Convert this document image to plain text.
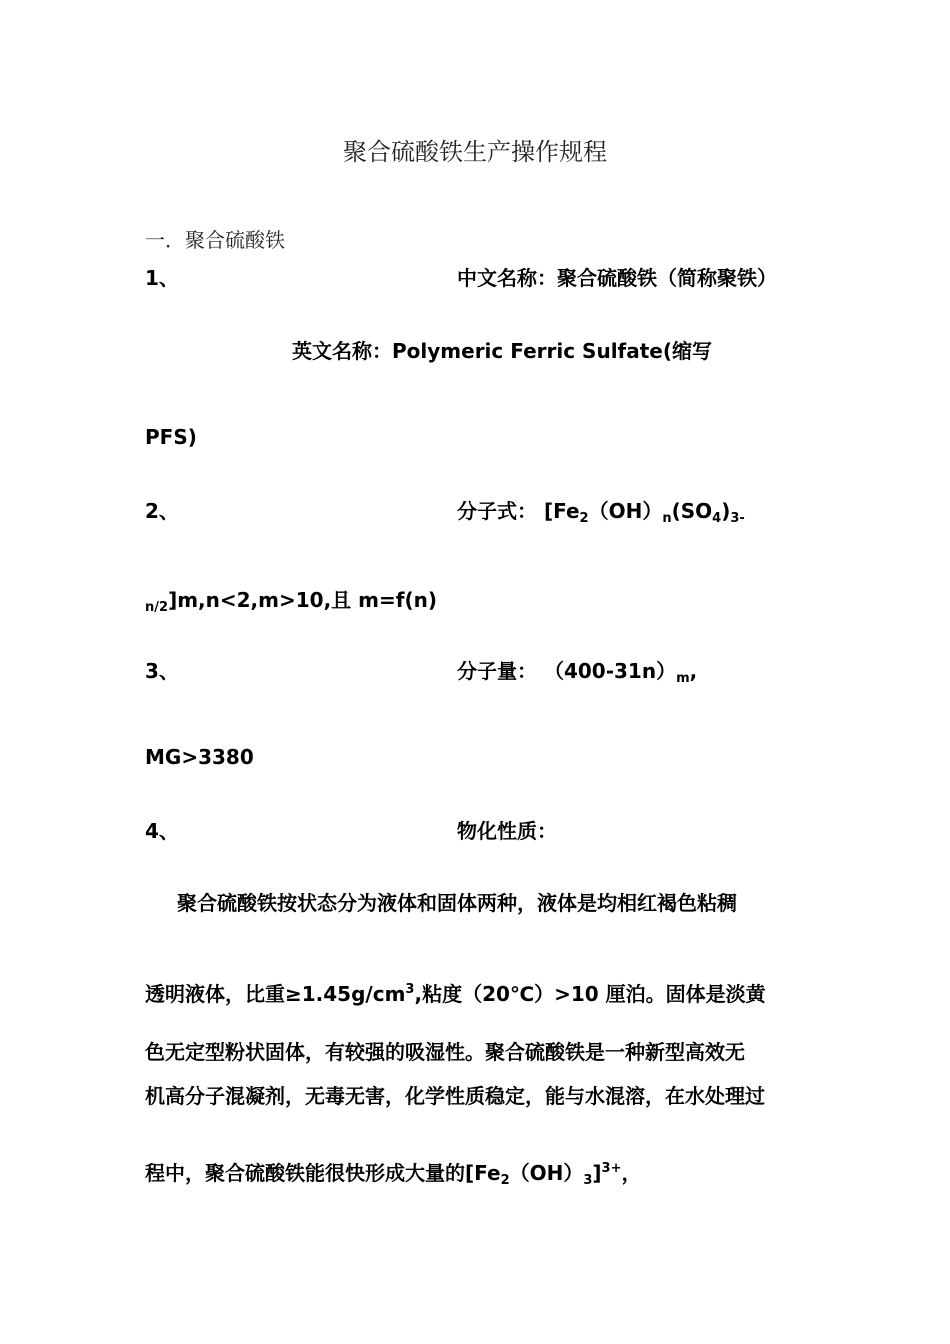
聚合硫酸铁生产操作规程
一．聚合硫酸铁
1、	中文名称：聚合硫酸铁（简称聚铁）
英文名称：Polymeric Ferric Sulfate(缩写
PFS)
2、	分子式： [$Fe_2(OH)_n(SO_4)_{3-}$
$_{n/2}$]m,n<2,m>10,且 m=f(n)
3、	分子量： $(400-31n)_m$,
MG>3380
4、	物化性质：
聚合硫酸铁按状态分为液体和固体两种，液体是均相红褐色粘稠
透明液体，比重$\ge 1.45g/cm^3$,粘度（20℃）>10 厘泊。固体是淡黄
色无定型粉状固体，有较强的吸湿性。聚合硫酸铁是一种新型高效无
机高分子混凝剂，无毒无害，化学性质稳定，能与水混溶，在水处理过
程中，聚合硫酸铁能很快形成大量的$[Fe_2(OH)_3]^{3+}$，
